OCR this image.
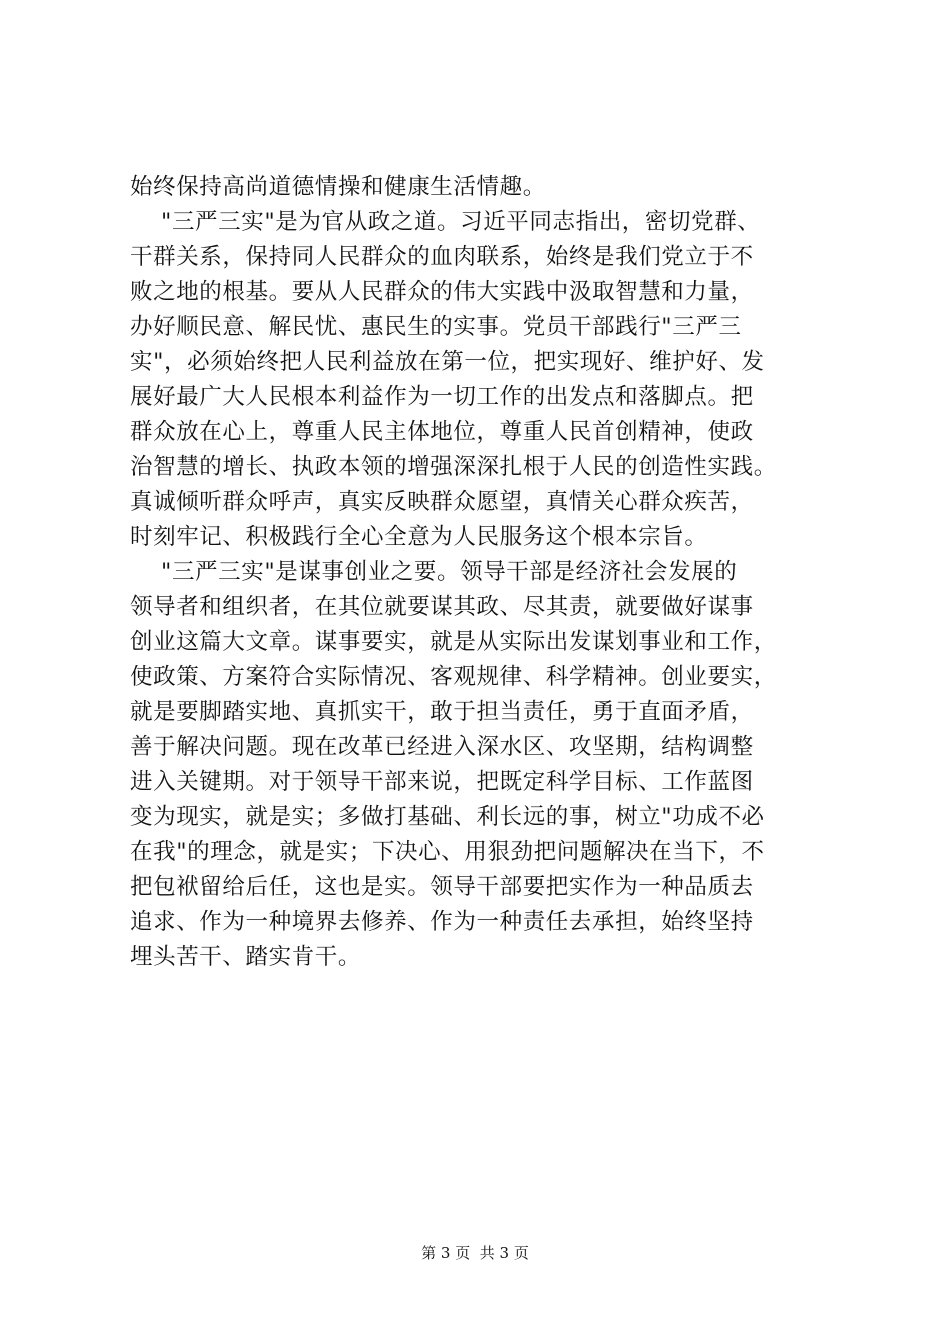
始终保持高尚道德情操和健康生活情趣。
"三严三实"是为官从政之道。习近平同志指出，密切党群、
干群关系，保持同人民群众的血肉联系，始终是我们党立于不
败之地的根基。要从人民群众的伟大实践中汲取智慧和力量，
办好顺民意、解民忧、惠民生的实事。党员干部践行"三严三
实"，必须始终把人民利益放在第一位，把实现好、维护好、发
展好最广大人民根本利益作为一切工作的出发点和落脚点。把
群众放在心上，尊重人民主体地位，尊重人民首创精神，使政
治智慧的增长、执政本领的增强深深扎根于人民的创造性实践。
真诚倾听群众呼声，真实反映群众愿望，真情关心群众疾苦，
时刻牢记、积极践行全心全意为人民服务这个根本宗旨。
"三严三实"是谋事创业之要。领导干部是经济社会发展的
领导者和组织者，在其位就要谋其政、尽其责，就要做好谋事
创业这篇大文章。谋事要实，就是从实际出发谋划事业和工作，
使政策、方案符合实际情况、客观规律、科学精神。创业要实，
就是要脚踏实地、真抓实干，敢于担当责任，勇于直面矛盾，
善于解决问题。现在改革已经进入深水区、攻坚期，结构调整
进入关键期。对于领导干部来说，把既定科学目标、工作蓝图
变为现实，就是实；多做打基础、利长远的事，树立"功成不必
在我"的理念，就是实；下决心、用狠劲把问题解决在当下，不
把包袱留给后任，这也是实。领导干部要把实作为一种品质去
追求、作为一种境界去修养、作为一种责任去承担，始终坚持
埋头苦干、踏实肯干。
第 3 页  共 3 页
